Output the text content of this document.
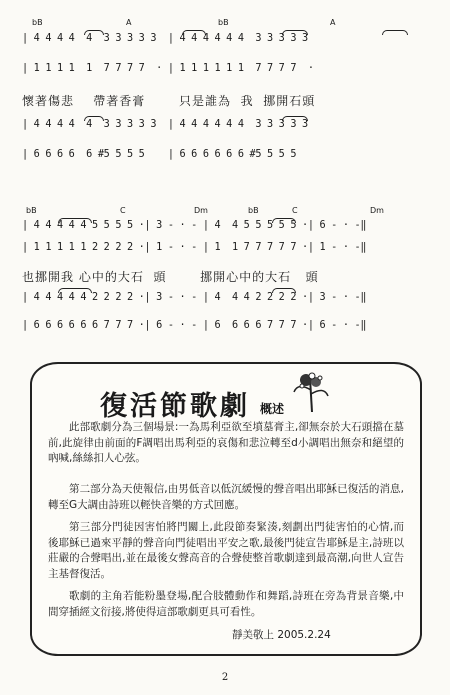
bB	A	bB	A
| 4 4 4 4  4  3 3 3 3 3  | 4 4 4 4 4 4  3 3 3 3 3
| 1 1 1 1  1  7 7 7 7  · | 1 1 1 1 1 1  7 7 7 7  ·
懷著傷悲    帶著香膏       只是誰為  我  挪開石頭
| 4 4 4 4  4  3 3 3 3 3  | 4 4 4 4 4 4  3 3 3 3 3
| 6 6 6 6  6 #5 5 5 5    | 6 6 6 6 6 6 #5 5 5 5
bB	C	Dm	bB	C	Dm
| 4 4 4 4 4 5 5 5 5 ·| 3 - · - | 4  4 5 5 5 5 5 ·| 6 - · -‖
| 1 1 1 1 1 2 2 2 2 ·| 1 - · - | 1  1 7 7 7 7 7 ·| 1 - · -‖
也挪開我 心中的大石  頭       挪開心中的大石   頭
| 4 4 4 4 4 2 2 2 2 ·| 3 - · - | 4  4 4 2 2 2 2 ·| 3 - · -‖
| 6 6 6 6 6 6 7 7 7 ·| 6 - · - | 6  6 6 6 7 7 7 ·| 6 - · -‖
復活節歌劇 概述
此部歌劇分為三個場景:一為馬利亞欲至墳墓膏主,卻無奈於大石頭擋在墓前,此旋律由前面的F調唱出馬利亞的哀傷和悲泣轉至d小調唱出無奈和絕望的吶喊,絲絲扣人心弦。
第二部分為天使報信,由男低音以低沉緩慢的聲音唱出耶穌已復活的消息,轉至G大調由詩班以輕快音樂的方式回應。
第三部分門徒因害怕將門關上,此段節奏緊湊,刻劃出門徒害怕的心情,而後耶穌已過來平靜的聲音向門徒唱出平安之歌,最後門徒宣告耶穌是主,詩班以莊嚴的合聲唱出,並在最後女聲高音的合聲使整首歌劇達到最高潮,向世人宣告主基督復活。
歌劇的主角若能粉墨登場,配合肢體動作和舞蹈,詩班在旁為背景音樂,中間穿插經文衍接,將使得這部歌劇更具可看性。
靜美敬上 2005.2.24
2
